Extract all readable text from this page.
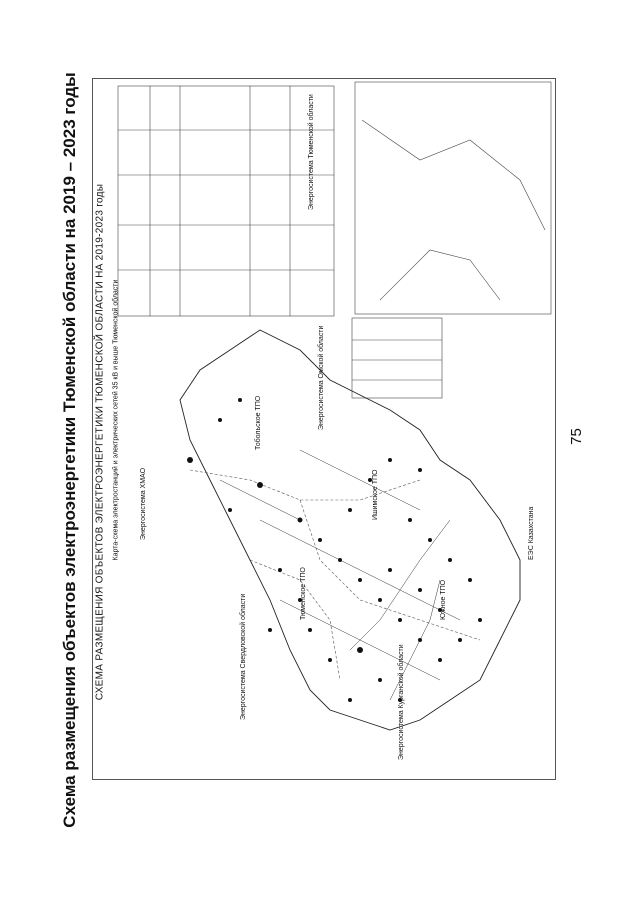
Схема размещения объектов электроэнергетики Тюменской области на 2019 – 2023 годы	75
СХЕМА РАЗМЕЩЕНИЯ ОБЪЕКТОВ ЭЛЕКТРОЭНЕРГЕТИКИ ТЮМЕНСКОЙ ОБЛАСТИ НА 2019-2023 годы Карта-схема электростанций и электрических сетей 35 кВ и выше Тюменской области	Энергосистема ХМАО
Энергосистема Свердловской области
Тюменское ТПО
Тобольское ТПО	Энергосистема Омской области
Ишимское ТПО
Южное ТПО
Энергосистема Курганской области
ЕЭС Казахстана
Энергосистема Тюменской области
